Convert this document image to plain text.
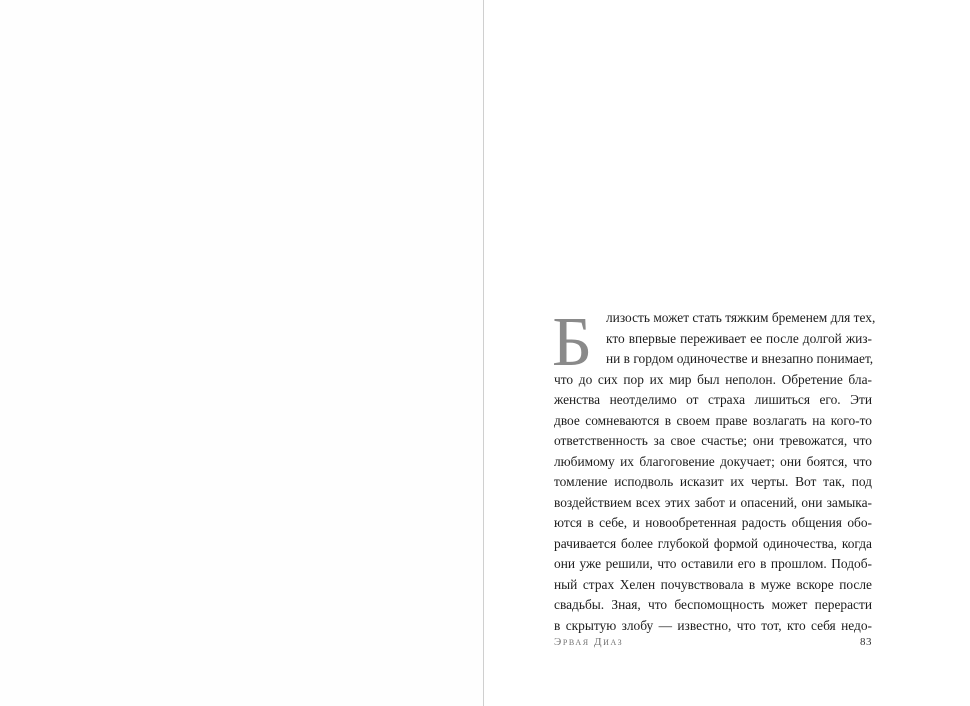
Б	лизость может стать тяжким бременем для тех,
кто впервые переживает ее после долгой жиз-
ни в гордом одиночестве и внезапно понимает,
что до сих пор их мир был неполон. Обретение бла-
женства неотделимо от страха лишиться его. Эти
двое сомневаются в своем праве возлагать на кого-то
ответственность за свое счастье; они тревожатся, что
любимому их благоговение докучает; они боятся, что
томление исподволь исказит их черты. Вот так, под
воздействием всех этих забот и опасений, они замыка-
ются в себе, и новообретенная радость общения обо-
рачивается более глубокой формой одиночества, когда
они уже решили, что оставили его в прошлом. Подоб-
ный страх Хелен почувствовала в муже вскоре после
свадьбы. Зная, что беспомощность может перерасти
в скрытую злобу — известно, что тот, кто себя недо-
Эрвая Диаз	83
